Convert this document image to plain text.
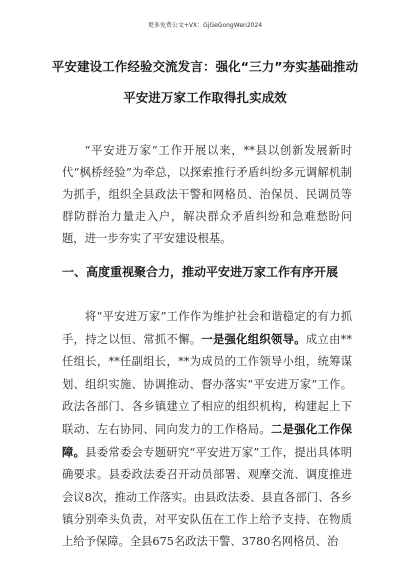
更多免费公文+VX：GjGeGongWen2024
平安建设工作经验交流发言：强化“三力”夯实基础推动
平安进万家工作取得扎实成效

“平安进万家”工作开展以来，**县以创新发展新时代“枫桥经验”为牵总，以探索推行矛盾纠纷多元调解机制为抓手，组织全县政法干警和网格员、治保员、民调员等群防群治力量走入户，解决群众矛盾纠纷和急难愁盼问题，进一步夯实了平安建设根基。

一、高度重视聚合力，推动平安进万家工作有序开展

将“平安进万家”工作作为维护社会和谐稳定的有力抓手，持之以恒、常抓不懈。一是强化组织领导。成立由**任组长，**任副组长，**为成员的工作领导小组，统筹谋划、组织实施、协调推动、督办落实“平安进万家”工作。政法各部门、各乡镇建立了相应的组织机构，构建起上下联动、左右协同、同向发力的工作格局。二是强化工作保障。县委常委会专题研究“平安进万家”工作，提出具体明确要求。县委政法委召开动员部署、观摩交流、调度推进会议8次，推动工作落实。由县政法委、县直各部门、各乡镇分别牵头负责，对平安队伍在工作上给予支持、在物质上给予保障。全县675名政法干警、3780名网格员、治
